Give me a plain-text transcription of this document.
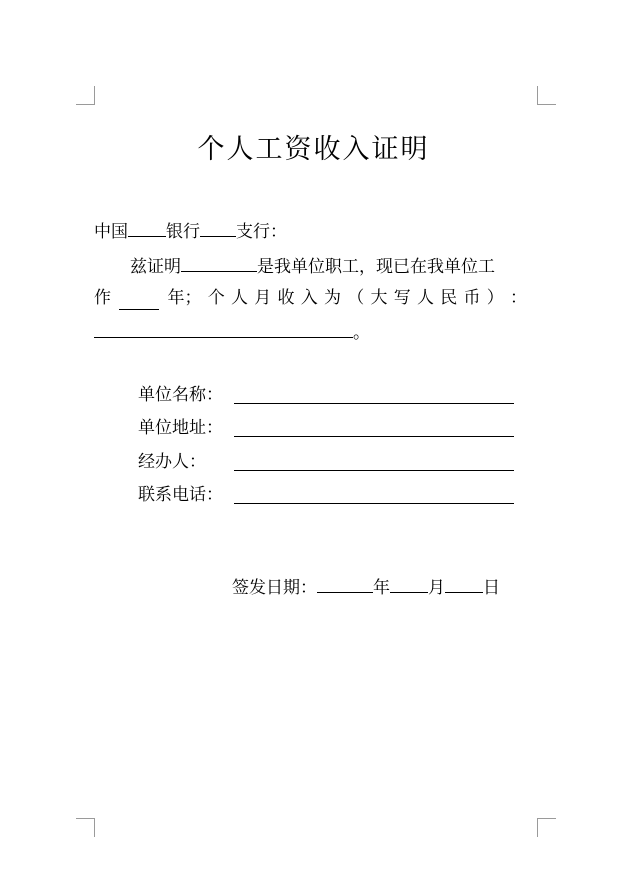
个人工资收入证明
中国 银行 支行：
兹证明	是我单位职工，现已在我单位工
作	年； 个 人 月 收 入 为 （ 大 写 人 民 币 ） ：
。
单位名称：
单位地址：
经办人：
联系电话：
签发日期：	年 月 日
